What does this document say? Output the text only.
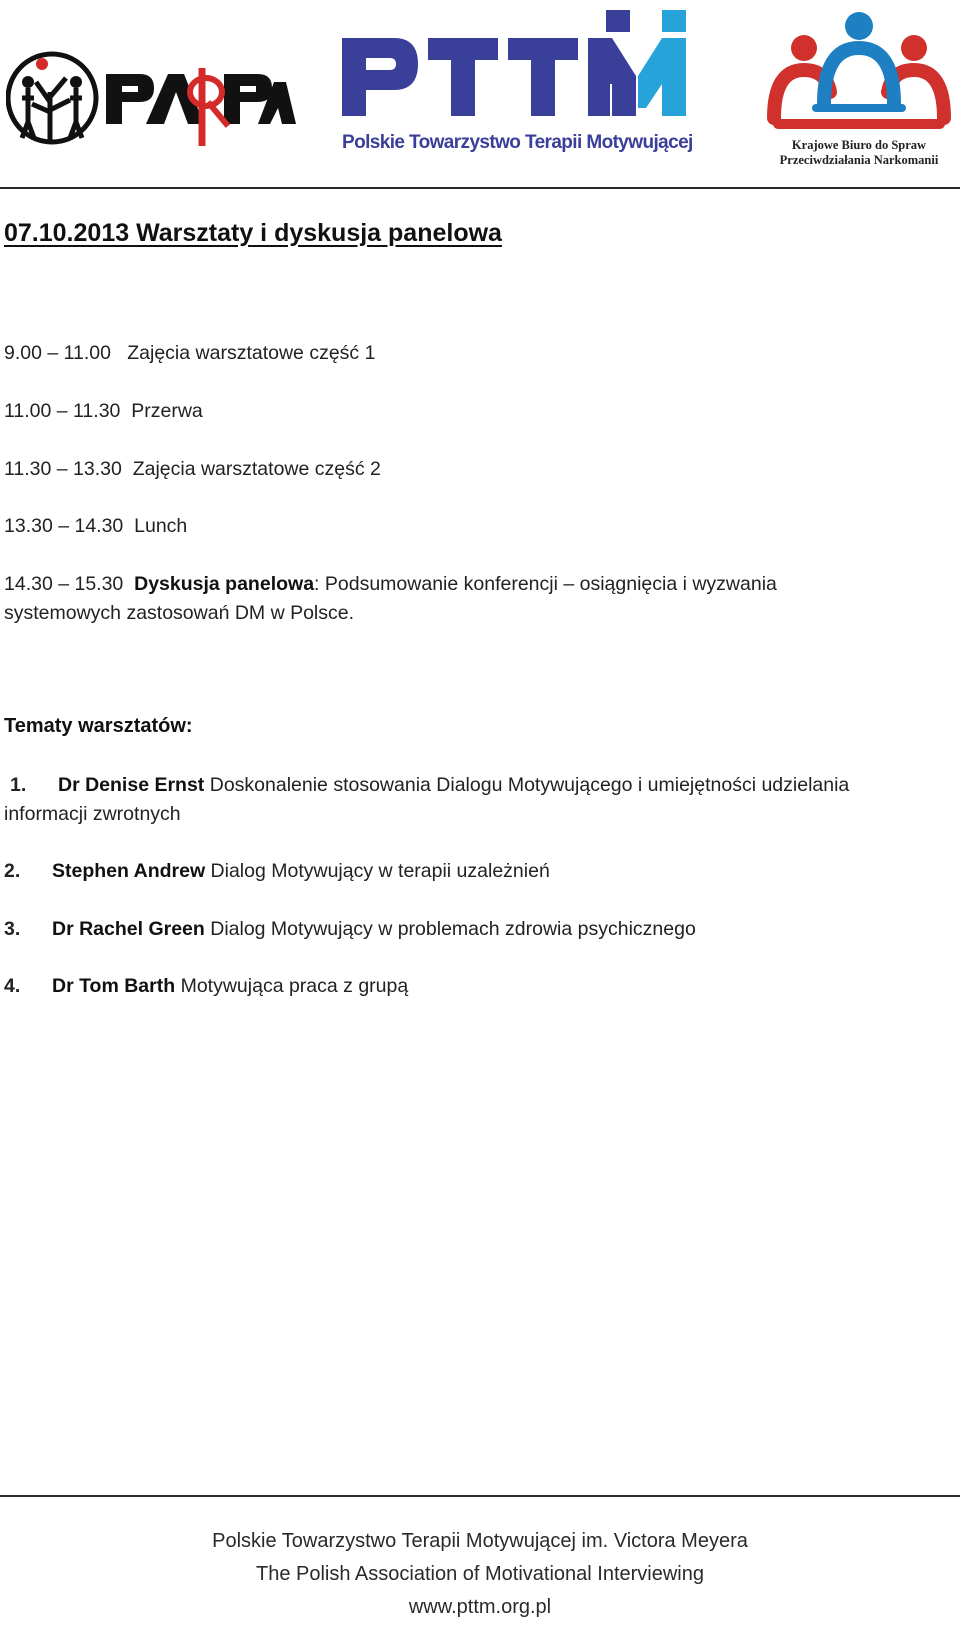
Polskie Towarzystwo Terapii Motywującej	Krajowe Biuro do Spraw
Przeciwdziałania Narkomanii
07.10.2013 Warsztaty i dyskusja panelowa
9.00 – 11.00 Zajęcia warsztatowe część 1
11.00 – 11.30 Przerwa
11.30 – 13.30 Zajęcia warsztatowe część 2
13.30 – 14.30 Lunch
14.30 – 15.30 Dyskusja panelowa: Podsumowanie konferencji – osiągnięcia i wyzwania
systemowych zastosowań DM w Polsce.
Tematy warsztatów:
1. Dr Denise Ernst Doskonalenie stosowania Dialogu Motywującego i umiejętności udzielania
informacji zwrotnych
2. Stephen Andrew Dialog Motywujący w terapii uzależnień
3. Dr Rachel Green Dialog Motywujący w problemach zdrowia psychicznego
4. Dr Tom Barth Motywująca praca z grupą
Polskie Towarzystwo Terapii Motywującej im. Victora Meyera
The Polish Association of Motivational Interviewing
www.pttm.org.pl
